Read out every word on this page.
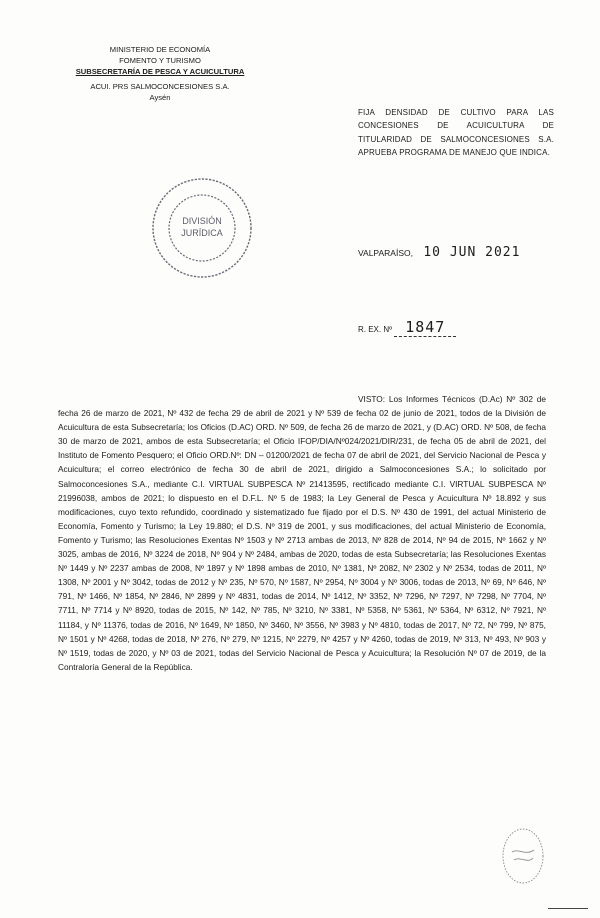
MINISTERIO DE ECONOMÍA
FOMENTO Y TURISMO
SUBSECRETARÍA DE PESCA Y ACUICULTURA
ACUI. PRS SALMOCONCESIONES S.A.
Aysén
FIJA DENSIDAD DE CULTIVO PARA LAS CONCESIONES DE ACUICULTURA DE TITULARIDAD DE SALMOCONCESIONES S.A. APRUEBA PROGRAMA DE MANEJO QUE INDICA.
DIVISIÓN
JURÍDICA
VALPARAÍSO, 10 JUN 2021
R. EX. Nº 1847
VISTO: Los Informes Técnicos (D.Ac) Nº 302 de fecha 26 de marzo de 2021, Nº 432 de fecha 29 de abril de 2021 y Nº 539 de fecha 02 de junio de 2021, todos de la División de Acuicultura de esta Subsecretaría; los Oficios (D.AC) ORD. Nº 509, de fecha 26 de marzo de 2021, y (D.AC) ORD. Nº 508, de fecha 30 de marzo de 2021, ambos de esta Subsecretaría; el Oficio IFOP/DIA/Nº024/2021/DIR/231, de fecha 05 de abril de 2021, del Instituto de Fomento Pesquero; el Oficio ORD.Nº: DN – 01200/2021 de fecha 07 de abril de 2021, del Servicio Nacional de Pesca y Acuicultura; el correo electrónico de fecha 30 de abril de 2021, dirigido a Salmoconcesiones S.A.; lo solicitado por Salmoconcesiones S.A., mediante C.I. VIRTUAL SUBPESCA Nº 21413595, rectificado mediante C.I. VIRTUAL SUBPESCA Nº 21996038, ambos de 2021; lo dispuesto en el D.F.L. Nº 5 de 1983; la Ley General de Pesca y Acuicultura Nº 18.892 y sus modificaciones, cuyo texto refundido, coordinado y sistematizado fue fijado por el D.S. Nº 430 de 1991, del actual Ministerio de Economía, Fomento y Turismo; la Ley 19.880; el D.S. Nº 319 de 2001, y sus modificaciones, del actual Ministerio de Economía, Fomento y Turismo; las Resoluciones Exentas Nº 1503 y Nº 2713 ambas de 2013, Nº 828 de 2014, Nº 94 de 2015, Nº 1662 y Nº 3025, ambas de 2016, Nº 3224 de 2018, Nº 904 y Nº 2484, ambas de 2020, todas de esta Subsecretaría; las Resoluciones Exentas Nº 1449 y Nº 2237 ambas de 2008, Nº 1897 y Nº 1898 ambas de 2010, Nº 1381, Nº 2082, Nº 2302 y Nº 2534, todas de 2011, Nº 1308, Nº 2001 y Nº 3042, todas de 2012 y Nº 235, Nº 570, Nº 1587, Nº 2954, Nº 3004 y Nº 3006, todas de 2013, Nº 69, Nº 646, Nº 791, Nº 1466, Nº 1854, Nº 2846, Nº 2899 y Nº 4831, todas de 2014, Nº 1412, Nº 3352, Nº 7296, Nº 7297, Nº 7298, Nº 7704, Nº 7711, Nº 7714 y Nº 8920, todas de 2015, Nº 142, Nº 785, Nº 3210, Nº 3381, Nº 5358, Nº 5361, Nº 5364, Nº 6312, Nº 7921, Nº 11184, y Nº 11376, todas de 2016, Nº 1649, Nº 1850, Nº 3460, Nº 3556, Nº 3983 y Nº 4810, todas de 2017, Nº 72, Nº 799, Nº 875, Nº 1501 y Nº 4268, todas de 2018, Nº 276, Nº 279, Nº 1215, Nº 2279, Nº 4257 y Nº 4260, todas de 2019, Nº 313, Nº 493, Nº 903 y Nº 1519, todas de 2020, y Nº 03 de 2021, todas del Servicio Nacional de Pesca y Acuicultura; la Resolución Nº 07 de 2019, de la Contraloría General de la República.
